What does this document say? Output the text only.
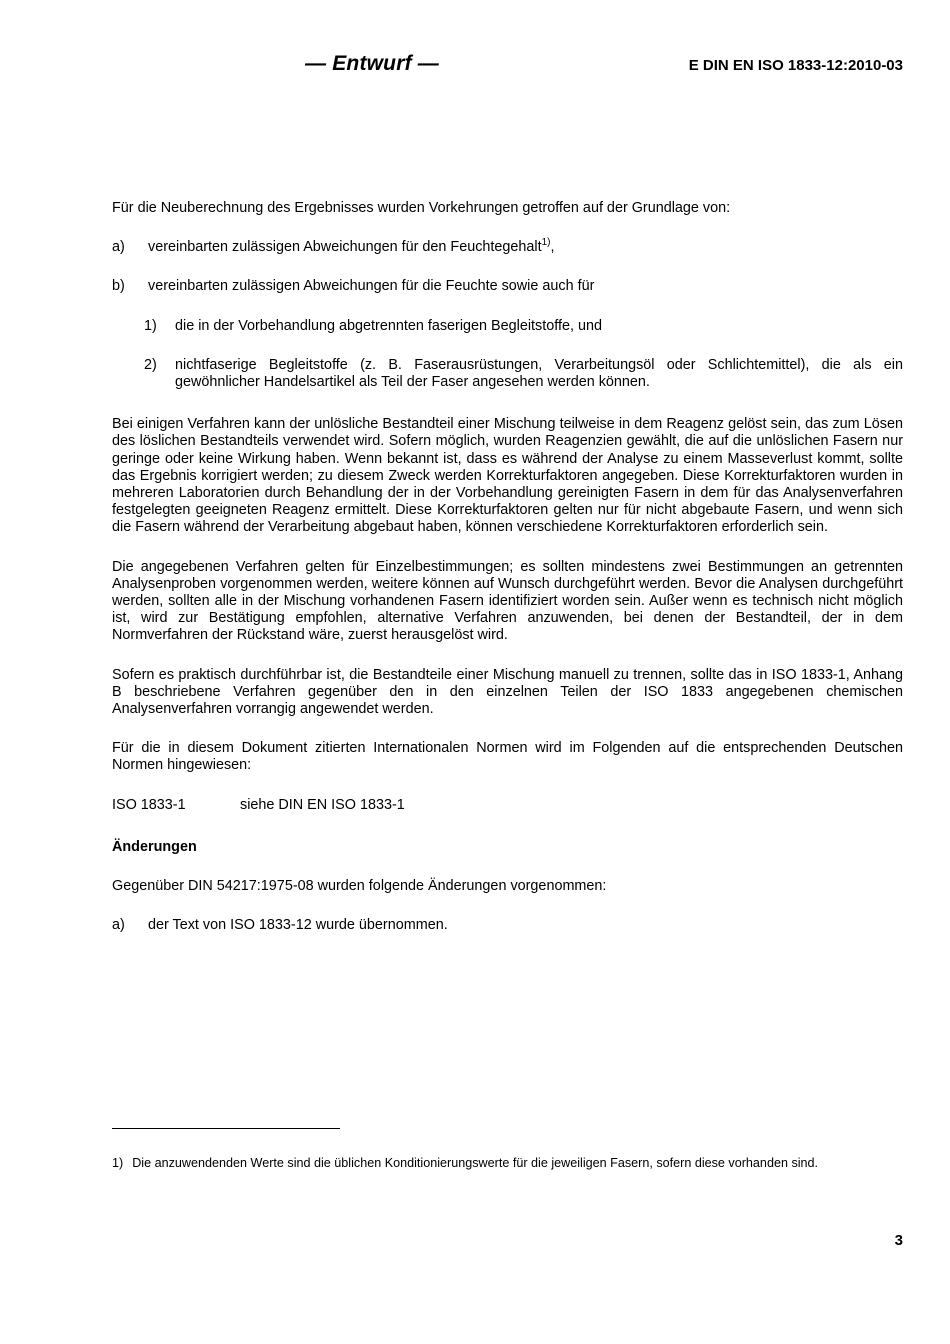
— Entwurf —	E DIN EN ISO 1833-12:2010-03

Für die Neuberechnung des Ergebnisses wurden Vorkehrungen getroffen auf der Grundlage von:

a)	vereinbarten zulässigen Abweichungen für den Feuchtegehalt$^{1)}$,
b)	vereinbarten zulässigen Abweichungen für die Feuchte sowie auch für
1)	die in der Vorbehandlung abgetrennten faserigen Begleitstoffe, und
2)	nichtfaserige Begleitstoffe (z. B. Faserausrüstungen, Verarbeitungsöl oder Schlichtemittel), die als ein gewöhnlicher Handelsartikel als Teil der Faser angesehen werden können.

Bei einigen Verfahren kann der unlösliche Bestandteil einer Mischung teilweise in dem Reagenz gelöst sein, das zum Lösen des löslichen Bestandteils verwendet wird. Sofern möglich, wurden Reagenzien gewählt, die auf die unlöslichen Fasern nur geringe oder keine Wirkung haben. Wenn bekannt ist, dass es während der Analyse zu einem Masseverlust kommt, sollte das Ergebnis korrigiert werden; zu diesem Zweck werden Korrekturfaktoren angegeben. Diese Korrekturfaktoren wurden in mehreren Laboratorien durch Behandlung der in der Vorbehandlung gereinigten Fasern in dem für das Analysenverfahren festgelegten geeigneten Reagenz ermittelt. Diese Korrekturfaktoren gelten nur für nicht abgebaute Fasern, und wenn sich die Fasern während der Verarbeitung abgebaut haben, können verschiedene Korrekturfaktoren erforderlich sein.

Die angegebenen Verfahren gelten für Einzelbestimmungen; es sollten mindestens zwei Bestimmungen an getrennten Analysenproben vorgenommen werden, weitere können auf Wunsch durchgeführt werden. Bevor die Analysen durchgeführt werden, sollten alle in der Mischung vorhandenen Fasern identifiziert worden sein. Außer wenn es technisch nicht möglich ist, wird zur Bestätigung empfohlen, alternative Verfahren anzuwenden, bei denen der Bestandteil, der in dem Normverfahren der Rückstand wäre, zuerst herausgelöst wird.

Sofern es praktisch durchführbar ist, die Bestandteile einer Mischung manuell zu trennen, sollte das in ISO 1833-1, Anhang B beschriebene Verfahren gegenüber den in den einzelnen Teilen der ISO 1833 angegebenen chemischen Analysenverfahren vorrangig angewendet werden.

Für die in diesem Dokument zitierten Internationalen Normen wird im Folgenden auf die entsprechenden Deutschen Normen hingewiesen:

ISO 1833-1	siehe DIN EN ISO 1833-1
Änderungen

Gegenüber DIN 54217:1975-08 wurden folgende Änderungen vorgenommen:

a)	der Text von ISO 1833-12 wurde übernommen.

1) Die anzuwendenden Werte sind die üblichen Konditionierungswerte für die jeweiligen Fasern, sofern diese vorhanden sind.

3
